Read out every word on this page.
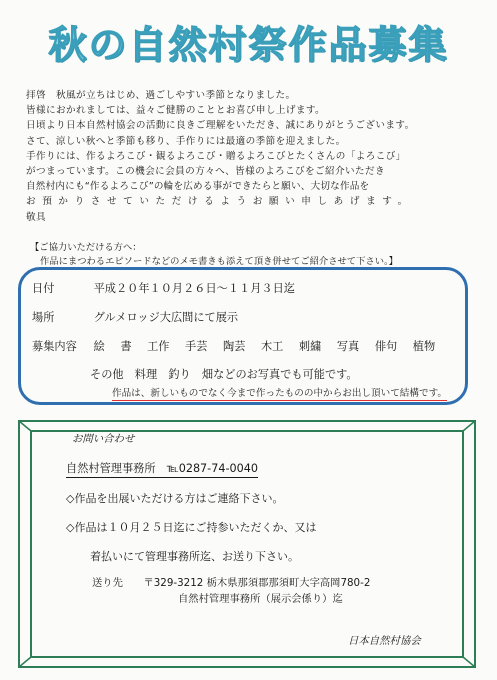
秋の自然村祭作品募集
拝啓　秋風が立ちはじめ、過ごしやすい季節となりました。
皆様におかれましては、益々ご健勝のこととお喜び申し上げます。
日頃より日本自然村協会の活動に良きご理解をいただき、誠にありがとうございます。
さて、涼しい秋へと季節も移り、手作りには最適の季節を迎えました。
手作りには、作るよろこび・観るよろこび・贈るよろこびとたくさんの「よろこび」
がつまっています。この機会に会員の方々へ、皆様のよろこびをご紹介いただき
自然村内にも“作るよろこび”の輪を広める事ができたらと願い、大切な作品を
お預かりさせていただけるようお願い申しあげます。
敬具
【ご協力いただける方へ：
作品にまつわるエピソードなどのメモ書きも添えて頂き併せてご紹介させて下さい。】
日付	平成２０年１０月２６日〜１１月３日迄
場所	グルメロッジ大広間にて展示
募集内容 絵 書 工作 手芸 陶芸 木工 刺繍 写真 俳句 植物
その他　料理　釣り　畑などのお写真でも可能です。
作品は、新しいものでなく今まで作ったものの中からお出し頂いて結構です。
お問い合わせ
自然村管理事務所　℡0287-74-0040
◇作品を出展いただける方はご連絡下さい。
◇作品は１０月２５日迄にご持参いただくか、又は
着払いにて管理事務所迄、お送り下さい。
送り先 〒329-3212 栃木県那須郡那須町大字高岡780-2
自然村管理事務所（展示会係り）迄
日本自然村協会
